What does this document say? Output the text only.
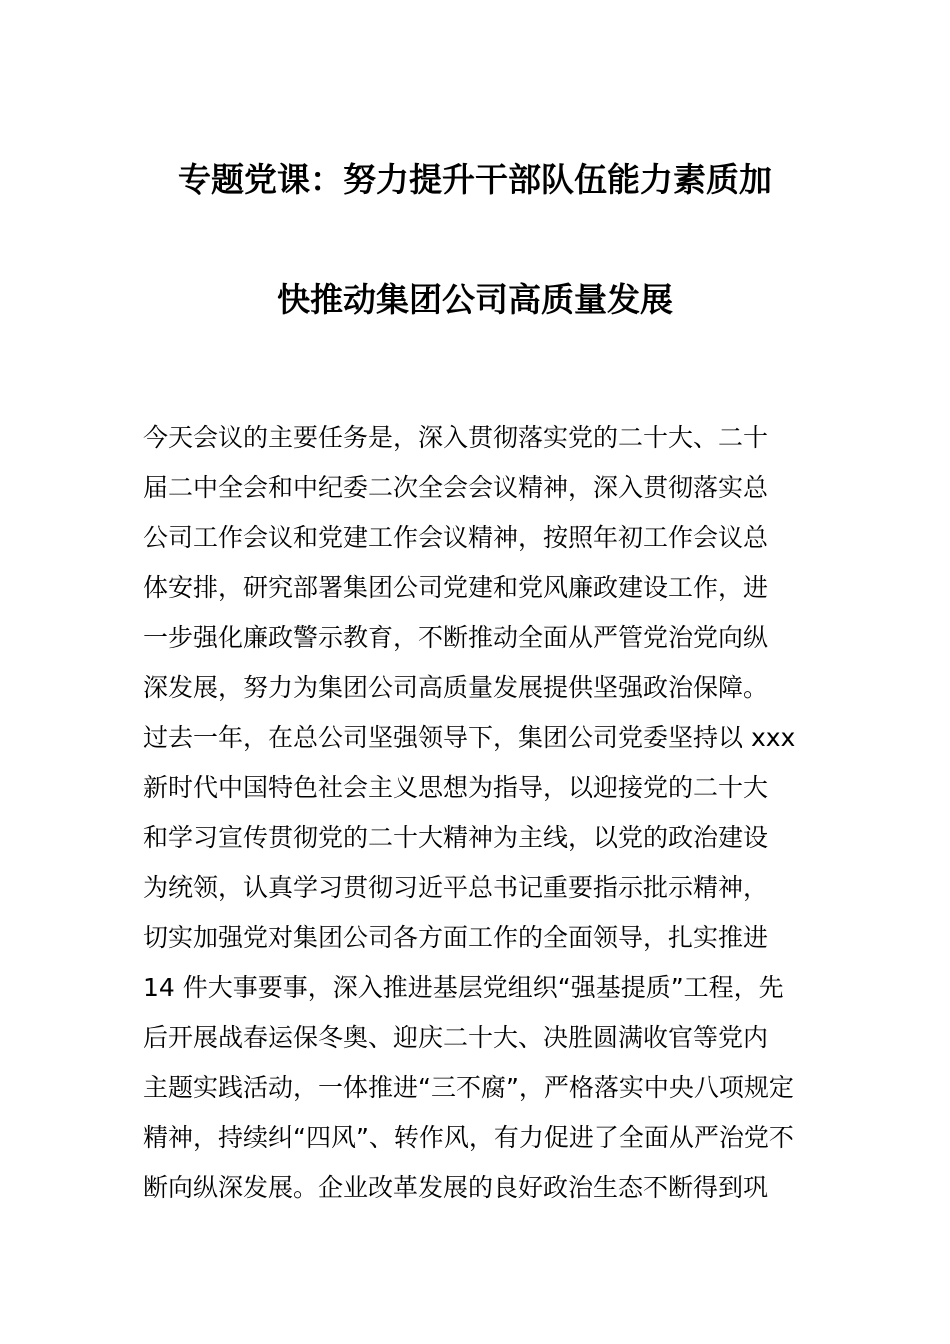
专题党课：努力提升干部队伍能力素质加
快推动集团公司高质量发展
今天会议的主要任务是，深入贯彻落实党的二十大、二十
届二中全会和中纪委二次全会会议精神，深入贯彻落实总
公司工作会议和党建工作会议精神，按照年初工作会议总
体安排，研究部署集团公司党建和党风廉政建设工作，进
一步强化廉政警示教育，不断推动全面从严管党治党向纵
深发展，努力为集团公司高质量发展提供坚强政治保障。
过去一年，在总公司坚强领导下，集团公司党委坚持以 xxx
新时代中国特色社会主义思想为指导，以迎接党的二十大
和学习宣传贯彻党的二十大精神为主线，以党的政治建设
为统领，认真学习贯彻习近平总书记重要指示批示精神，
切实加强党对集团公司各方面工作的全面领导，扎实推进
14 件大事要事，深入推进基层党组织“强基提质”工程，先
后开展战春运保冬奥、迎庆二十大、决胜圆满收官等党内
主题实践活动，一体推进“三不腐”，严格落实中央八项规定
精神，持续纠“四风”、转作风，有力促进了全面从严治党不
断向纵深发展。企业改革发展的良好政治生态不断得到巩
